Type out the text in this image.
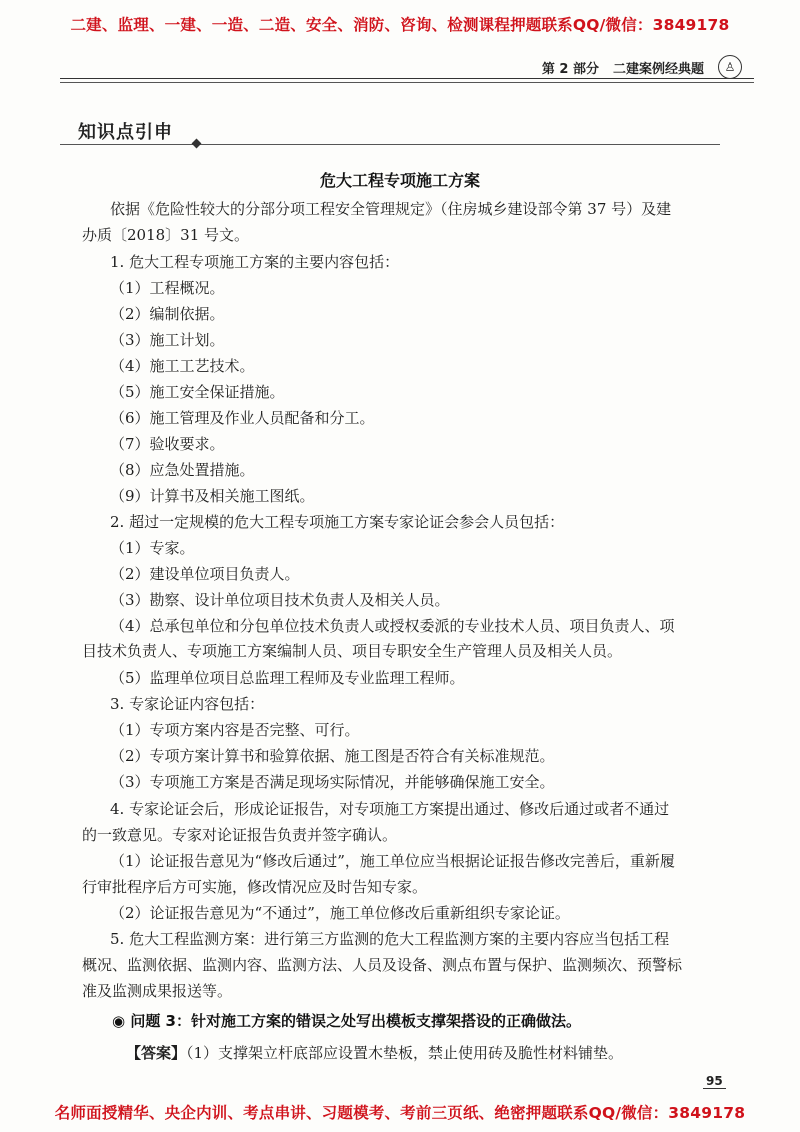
二建、监理、一建、一造、二造、安全、消防、咨询、检测课程押题联系QQ/微信：3849178
第 2 部分 二建案例经典题	♙
知识点引申
危大工程专项施工方案
依据《危险性较大的分部分项工程安全管理规定》（住房城乡建设部令第 37 号）及建
办质〔2018〕31 号文。
1. 危大工程专项施工方案的主要内容包括：
（1）工程概况。
（2）编制依据。
（3）施工计划。
（4）施工工艺技术。
（5）施工安全保证措施。
（6）施工管理及作业人员配备和分工。
（7）验收要求。
（8）应急处置措施。
（9）计算书及相关施工图纸。
2. 超过一定规模的危大工程专项施工方案专家论证会参会人员包括：
（1）专家。
（2）建设单位项目负责人。
（3）勘察、设计单位项目技术负责人及相关人员。
（4）总承包单位和分包单位技术负责人或授权委派的专业技术人员、项目负责人、项
目技术负责人、专项施工方案编制人员、项目专职安全生产管理人员及相关人员。
（5）监理单位项目总监理工程师及专业监理工程师。
3. 专家论证内容包括：
（1）专项方案内容是否完整、可行。
（2）专项方案计算书和验算依据、施工图是否符合有关标准规范。
（3）专项施工方案是否满足现场实际情况，并能够确保施工安全。
4. 专家论证会后，形成论证报告，对专项施工方案提出通过、修改后通过或者不通过
的一致意见。专家对论证报告负责并签字确认。
（1）论证报告意见为“修改后通过”，施工单位应当根据论证报告修改完善后，重新履
行审批程序后方可实施，修改情况应及时告知专家。
（2）论证报告意见为“不通过”，施工单位修改后重新组织专家论证。
5. 危大工程监测方案：进行第三方监测的危大工程监测方案的主要内容应当包括工程
概况、监测依据、监测内容、监测方法、人员及设备、测点布置与保护、监测频次、预警标
准及监测成果报送等。
◉ 问题 3：针对施工方案的错误之处写出模板支撑架搭设的正确做法。
【答案】（1）支撑架立杆底部应设置木垫板，禁止使用砖及脆性材料铺垫。
95
名师面授精华、央企内训、考点串讲、习题模考、考前三页纸、绝密押题联系QQ/微信：3849178
